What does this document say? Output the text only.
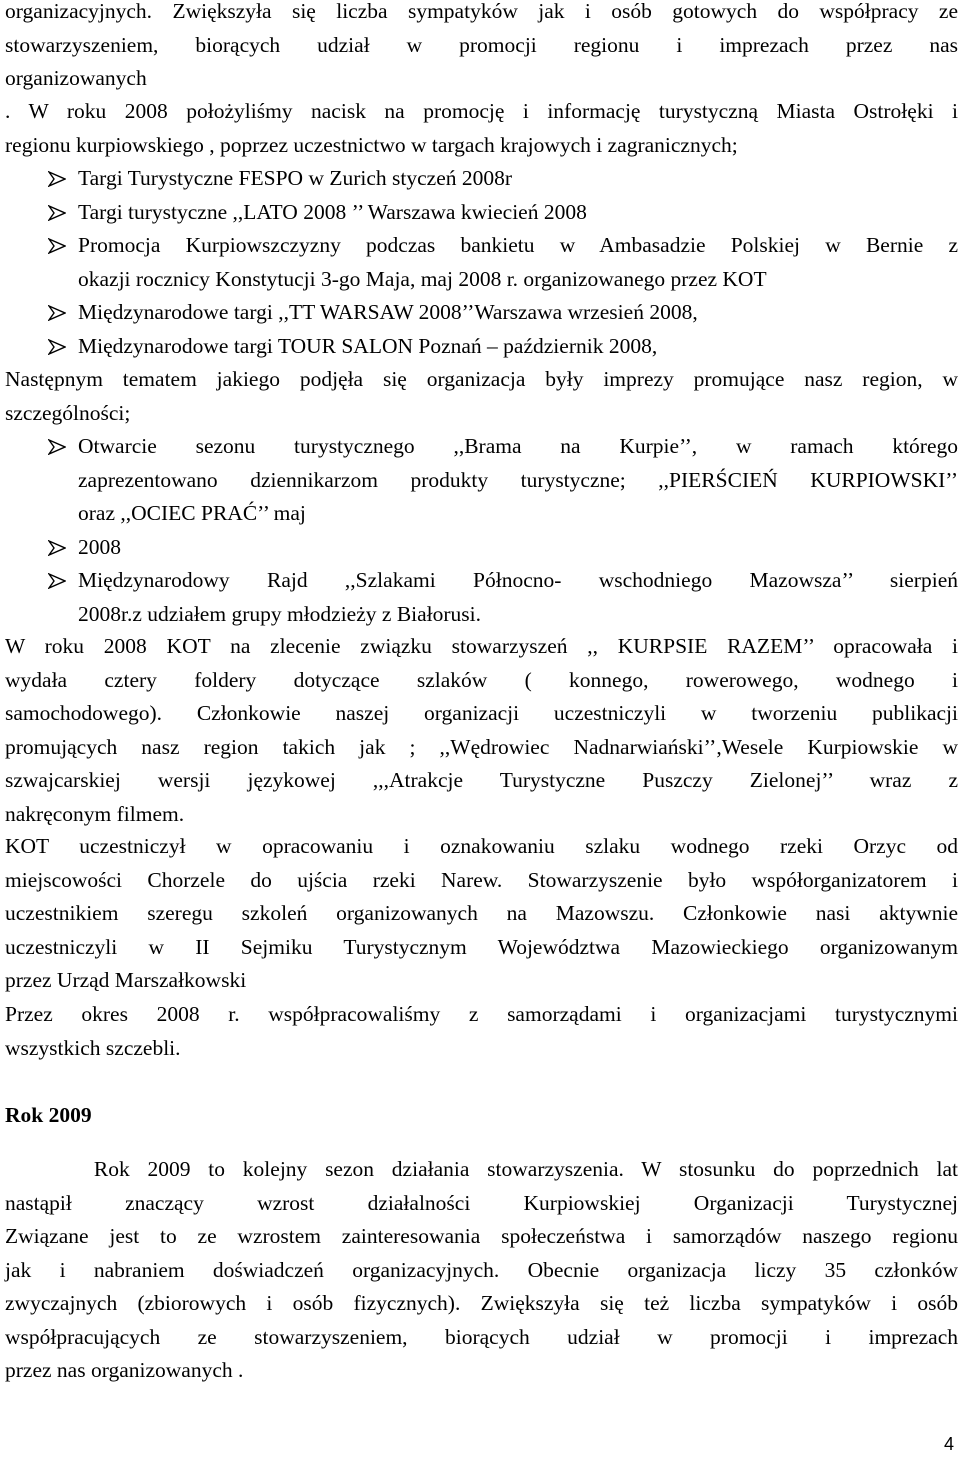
organizacyjnych. Zwiększyła się liczba sympatyków jak i osób gotowych do współpracy ze
stowarzyszeniem, biorących udział w promocji regionu i imprezach przez nas
organizowanych
. W roku 2008 położyliśmy nacisk na promocję i informację turystyczną Miasta Ostrołęki i
regionu kurpiowskiego , poprzez uczestnictwo w targach krajowych i zagranicznych;
Targi Turystyczne FESPO w Zurich styczeń 2008r
Targi turystyczne ,,LATO 2008 ’’ Warszawa kwiecień 2008
Promocja Kurpiowszczyzny podczas bankietu w Ambasadzie Polskiej w Bernie z
okazji rocznicy Konstytucji 3-go Maja, maj 2008 r. organizowanego przez KOT
Międzynarodowe targi ,,TT WARSAW 2008’’Warszawa wrzesień 2008,
Międzynarodowe targi TOUR SALON Poznań – październik 2008,
Następnym tematem jakiego podjęła się organizacja były imprezy promujące nasz region, w
szczególności;
Otwarcie sezonu turystycznego ,,Brama na Kurpie’’, w ramach którego
zaprezentowano dziennikarzom produkty turystyczne; ,,PIERŚCIEŃ KURPIOWSKI’’
oraz ,,OCIEC PRAĆ’’ maj
2008
Międzynarodowy Rajd ,,Szlakami Północno- wschodniego Mazowsza’’ sierpień
2008r.z udziałem grupy młodzieży z Białorusi.
W roku 2008 KOT na zlecenie związku stowarzyszeń ,, KURPSIE RAZEM’’ opracowała i
wydała cztery foldery dotyczące szlaków ( konnego, rowerowego, wodnego i
samochodowego). Członkowie naszej organizacji uczestniczyli w tworzeniu publikacji
promujących nasz region takich jak ; ,,Wędrowiec Nadnarwiański’’,Wesele Kurpiowskie w
szwajcarskiej wersji językowej ,,,Atrakcje Turystyczne Puszczy Zielonej’’ wraz z
nakręconym filmem.
KOT uczestniczył w opracowaniu i oznakowaniu szlaku wodnego rzeki Orzyc od
miejscowości Chorzele do ujścia rzeki Narew. Stowarzyszenie było współorganizatorem i
uczestnikiem szeregu szkoleń organizowanych na Mazowszu. Członkowie nasi aktywnie
uczestniczyli w II Sejmiku Turystycznym Województwa Mazowieckiego organizowanym
przez Urząd Marszałkowski
Przez okres 2008 r. współpracowaliśmy z samorządami i organizacjami turystycznymi
wszystkich szczebli.
Rok 2009
Rok 2009 to kolejny sezon działania stowarzyszenia. W stosunku do poprzednich lat
nastąpił znaczący wzrost działalności Kurpiowskiej Organizacji Turystycznej
Związane jest to ze wzrostem zainteresowania społeczeństwa i samorządów naszego regionu
jak i nabraniem doświadczeń organizacyjnych. Obecnie organizacja liczy 35 członków
zwyczajnych (zbiorowych i osób fizycznych). Zwiększyła się też liczba sympatyków i osób
współpracujących ze stowarzyszeniem, biorących udział w promocji i imprezach
przez nas organizowanych .
4
